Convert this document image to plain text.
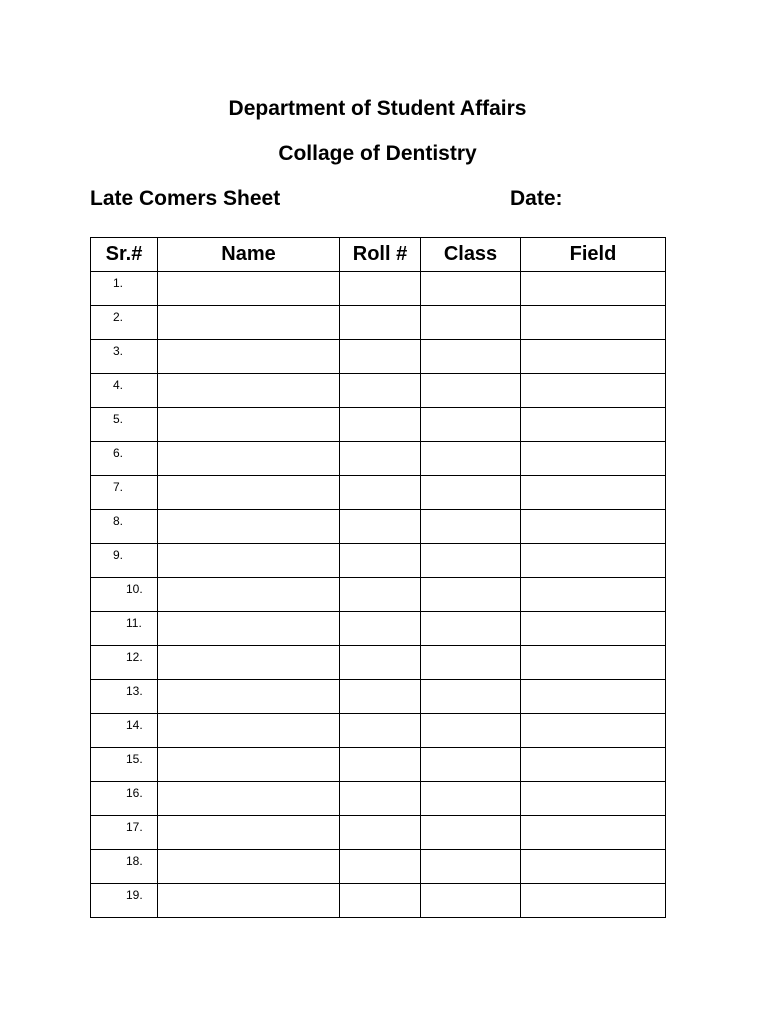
Department of Student Affairs
Collage of Dentistry
Late Comers Sheet	Date:
Sr.#	Name	Roll #	Class	Field

1.				

2.				

3.				

4.				

5.				

6.				

7.				

8.				

9.				

10.				

11.				

12.				

13.				

14.				

15.				

16.				

17.				

18.				

19.				
